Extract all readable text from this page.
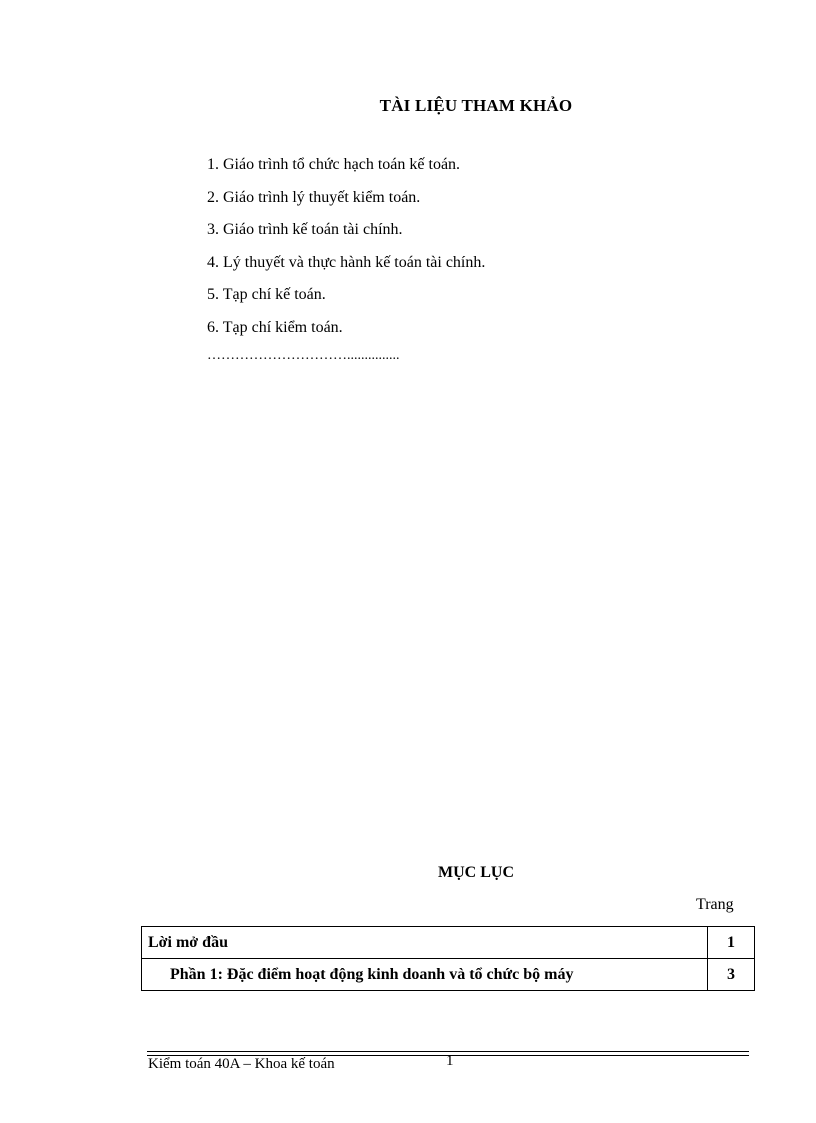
TÀI LIỆU THAM KHẢO
1. Giáo trình tổ chức hạch toán kế toán.
2. Giáo trình lý thuyết kiểm toán.
3. Giáo trình kế toán tài chính.
4. Lý thuyết và thực hành kế toán tài chính.
5. Tạp chí kế toán.
6. Tạp chí kiểm toán.
…………………………...............
MỤC LỤC
Trang
Lời mở đầu	1
Phần 1: Đặc điểm hoạt động kinh doanh và tổ chức bộ máy	3
Kiểm toán 40A – Khoa kế toán	1
